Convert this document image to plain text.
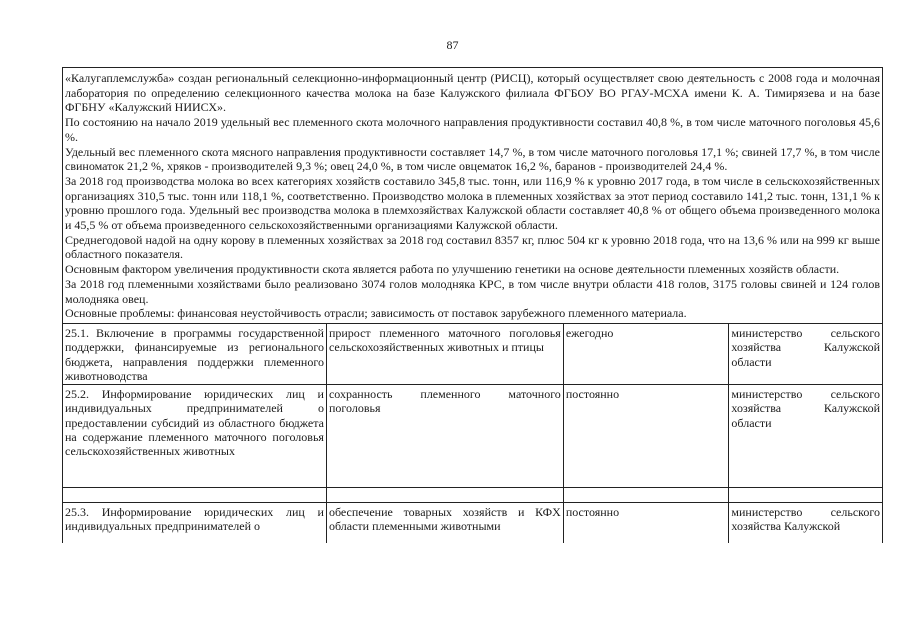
87

«Калугаплемслужба» создан региональный селекционно-информационный центр (РИСЦ), который осуществляет свою деятельность с 2008 года и молочная лаборатория по определению селекционного качества молока на базе Калужского филиала ФГБОУ ВО РГАУ-МСХА имени К. А. Тимирязева и на базе ФГБНУ «Калужский НИИСХ».

По состоянию на начало 2019 удельный вес племенного скота молочного направления продуктивности составил 40,8 %, в том числе маточного поголовья 45,6 %.

Удельный вес племенного скота мясного направления продуктивности составляет 14,7 %, в том числе маточного поголовья 17,1 %; свиней 17,7 %, в том числе свиноматок 21,2 %, хряков - производителей 9,3 %; овец 24,0 %, в том числе овцематок 16,2 %, баранов - производителей 24,4 %.

За 2018 год производства молока во всех категориях хозяйств составило 345,8 тыс. тонн, или 116,9 % к уровню 2017 года, в том числе в сельскохозяйственных организациях 310,5 тыс. тонн или 118,1 %, соответственно. Производство молока в племенных хозяйствах за этот период составило 141,2 тыс. тонн, 131,1 % к уровню прошлого года. Удельный вес производства молока в племхозяйствах Калужской области составляет 40,8 % от общего объема произведенного молока и 45,5 % от объема произведенного сельскохозяйственными организациями Калужской области.

Среднегодовой надой на одну корову в племенных хозяйствах за 2018 год составил 8357 кг, плюс 504 кг к уровню 2018 года, что на 13,6 % или на 999 кг выше областного показателя.

Основным фактором увеличения продуктивности скота является работа по улучшению генетики на основе деятельности племенных хозяйств области.

За 2018 год племенными хозяйствами было реализовано 3074 голов молодняка КРС, в том числе внутри области 418 голов, 3175 головы свиней и 124 голов молодняка овец.

Основные проблемы: финансовая неустойчивость отрасли; зависимость от поставок зарубежного племенного материала.

25.1. Включение в программы государственной поддержки, финансируемые из регионального бюджета, направления поддержки племенного животноводства	прирост племенного маточного поголовья сельскохозяйственных животных и птицы	ежегодно	министерство сельского хозяйства Калужской области
25.2. Информирование юридических лиц и индивидуальных предпринимателей о предоставлении субсидий из областного бюджета на содержание племенного маточного поголовья сельскохозяйственных животных	сохранность племенного маточного поголовья	постоянно	министерство сельского хозяйства Калужской области

25.3. Информирование юридических лиц и индивидуальных предпринимателей о	обеспечение товарных хозяйств и КФХ области племенными животными	постоянно	министерство сельского хозяйства Калужской
